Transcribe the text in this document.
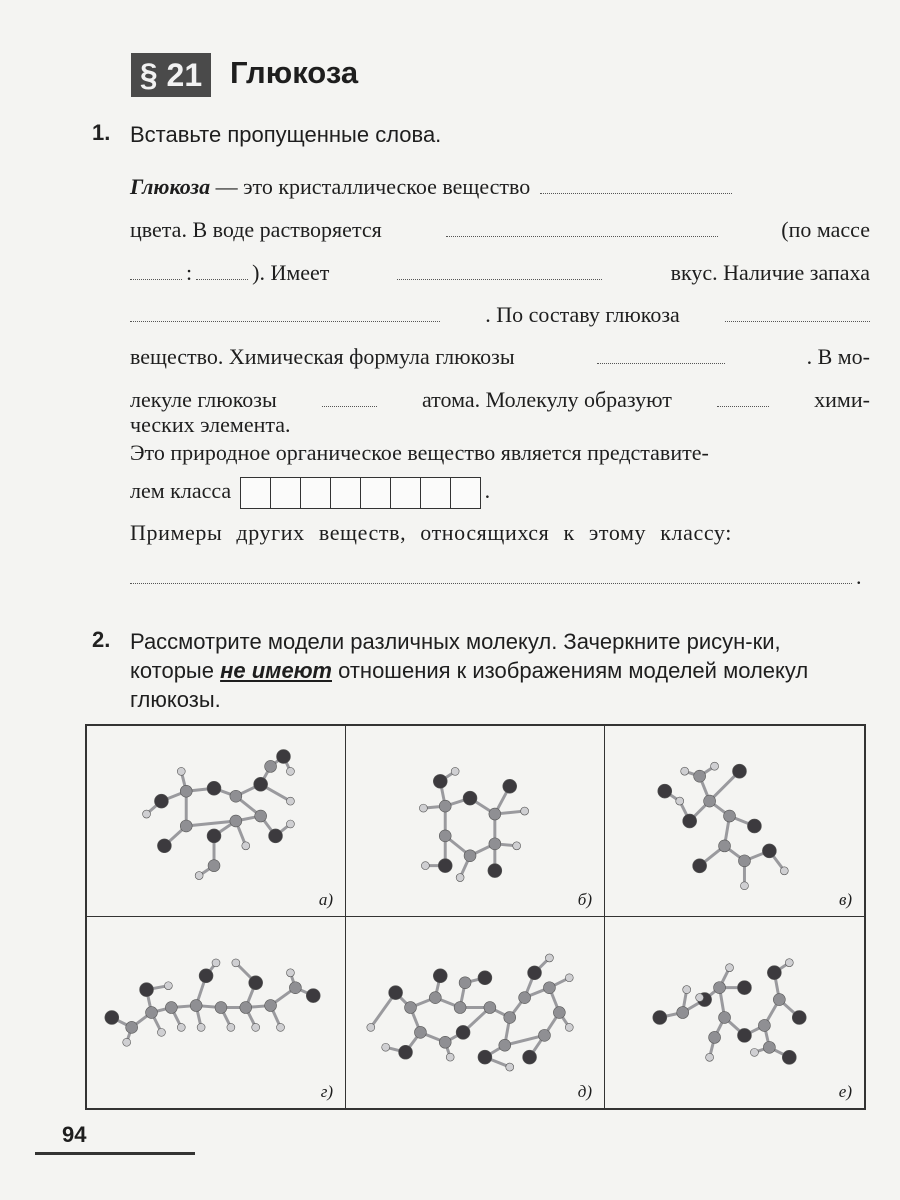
§ 21 Глюкоза
1. Вставьте пропущенные слова.
Глюкоза — это кристаллическое вещество
цвета. В воде растворяется	(по массе
:	). Имеет	вкус. Наличие запаха
. По составу глюкоза
вещество. Химическая формула глюкозы	. В мо-
лекуле глюкозы	атома. Молекулу образуют	хими-
ческих элемента.
Это природное органическое вещество является представите-
лем класса	.
Примеры других веществ, относящихся к этому классу:
.
2. Рассмотрите модели различных молекул. Зачеркните рисун-ки, которые не имеют отношения к изображениям моделей молекул глюкозы.
а)	б)	в)
г)	д)	е)
94
